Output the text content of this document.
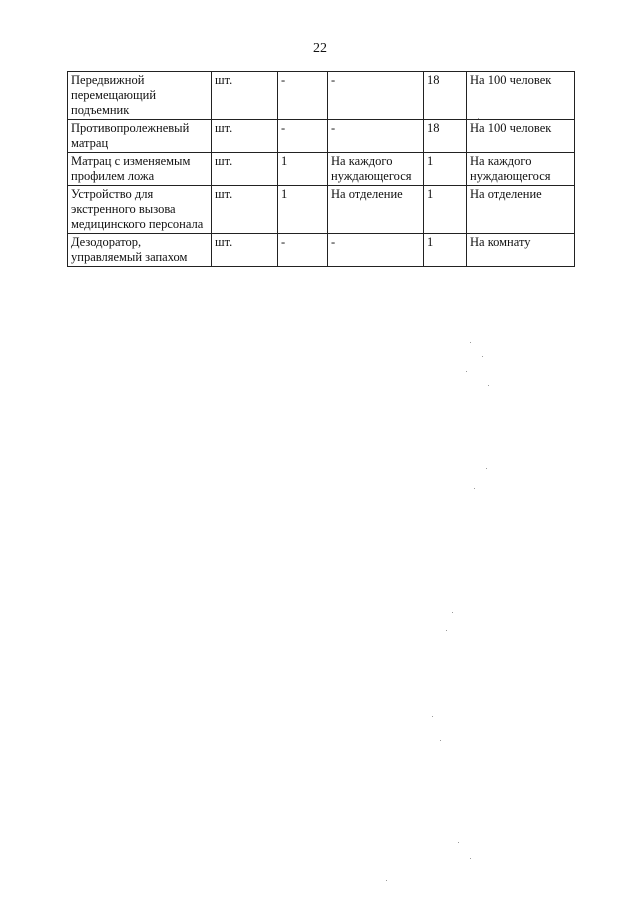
22
Передвижной перемещающий подъемник	шт.	-	-	18	На 100 человек
Противопролежневый матрац	шт.	-	-	18	На 100 человек
Матрац с изменяемым профилем ложа	шт.	1	На каждого нуждающегося	1	На каждого нуждающегося
Устройство для экстренного вызова медицинского персонала	шт.	1	На отделение	1	На отделение
Дезодоратор, управляемый запахом	шт.	-	-	1	На комнату
